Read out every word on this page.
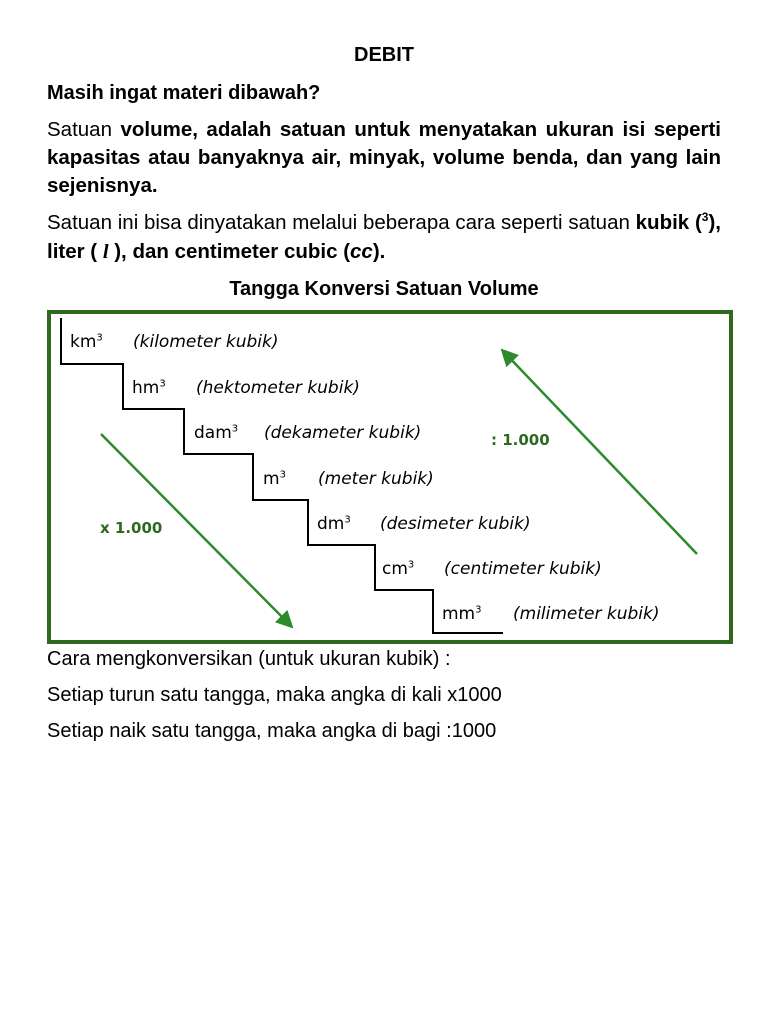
DEBIT
Masih ingat materi dibawah?
Satuan volume, adalah satuan untuk menyatakan ukuran isi seperti kapasitas atau banyaknya air, minyak, volume benda, dan yang lain sejenisnya.
Satuan ini bisa dinyatakan melalui beberapa cara seperti satuan kubik ($^3$), liter ( l ), dan centimeter cubic (cc).
Tangga Konversi Satuan Volume
$km^3$ (kilometer kubik)
$hm^3$ (hektometer kubik)
dam$^3$ (dekameter kubik)
$m^3$ (meter kubik)
$dm^3$ (desimeter kubik)
$cm^3$ (centimeter kubik)
$mm^3$ (milimeter kubik)
x 1.000
: 1.000
Cara mengkonversikan (untuk ukuran kubik) :
Setiap turun satu tangga, maka angka di kali x1000
Setiap naik satu tangga, maka angka di bagi :1000
